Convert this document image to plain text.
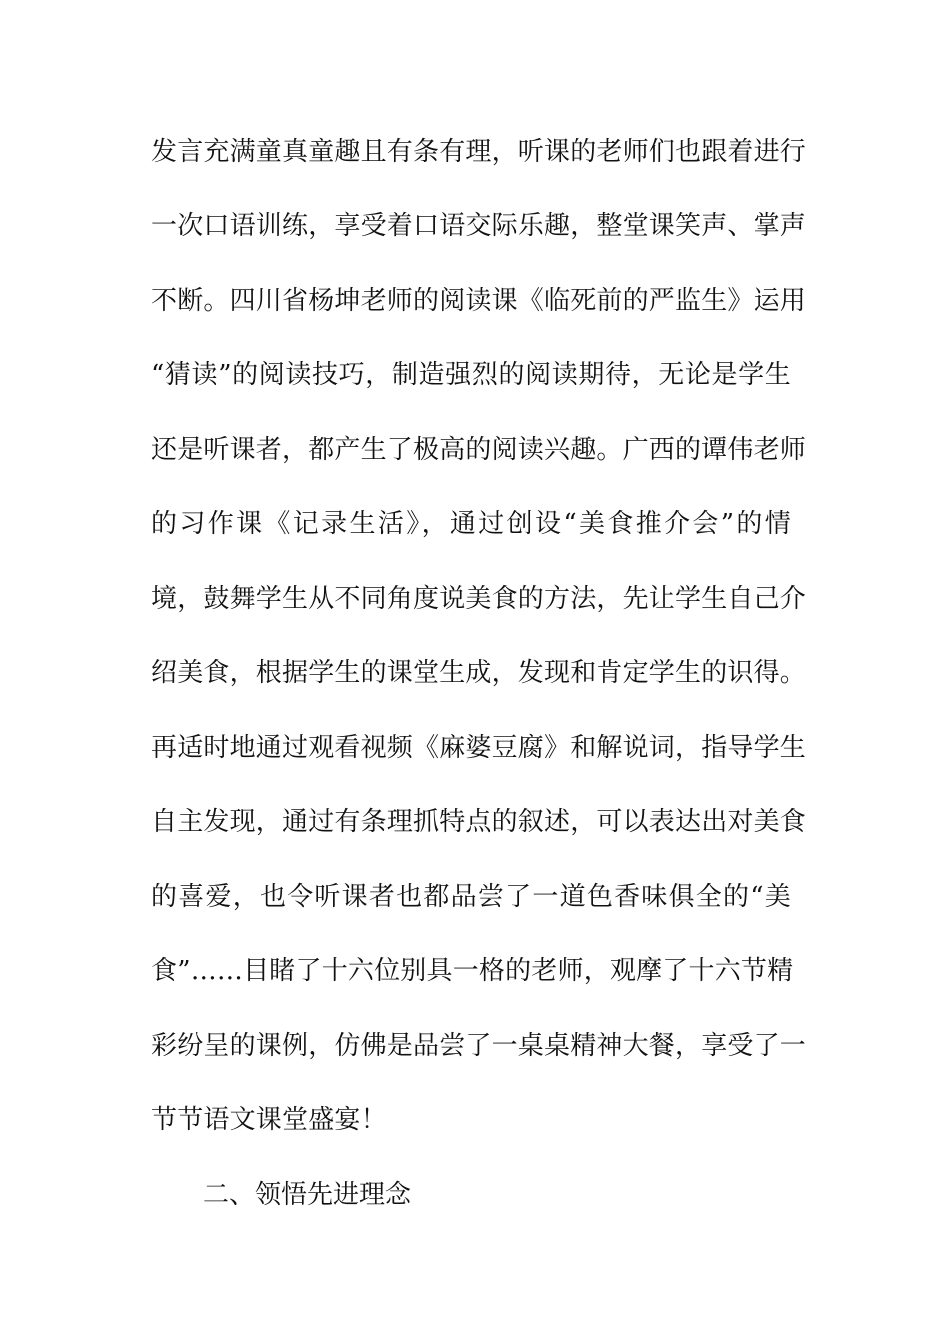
发言充满童真童趣且有条有理，听课的老师们也跟着进行
一次口语训练，享受着口语交际乐趣，整堂课笑声、掌声
不断。四川省杨坤老师的阅读课《临死前的严监生》运用
“猜读”的阅读技巧，制造强烈的阅读期待，无论是学生
还是听课者，都产生了极高的阅读兴趣。广西的谭伟老师
的习作课《记录生活》，通过创设“美食推介会”的情
境，鼓舞学生从不同角度说美食的方法，先让学生自己介
绍美食，根据学生的课堂生成，发现和肯定学生的识得。
再适时地通过观看视频《麻婆豆腐》和解说词，指导学生
自主发现，通过有条理抓特点的叙述，可以表达出对美食
的喜爱，也令听课者也都品尝了一道色香味俱全的“美
食”……目睹了十六位别具一格的老师，观摩了十六节精
彩纷呈的课例，仿佛是品尝了一桌桌精神大餐，享受了一
节节语文课堂盛宴！
二、领悟先进理念
